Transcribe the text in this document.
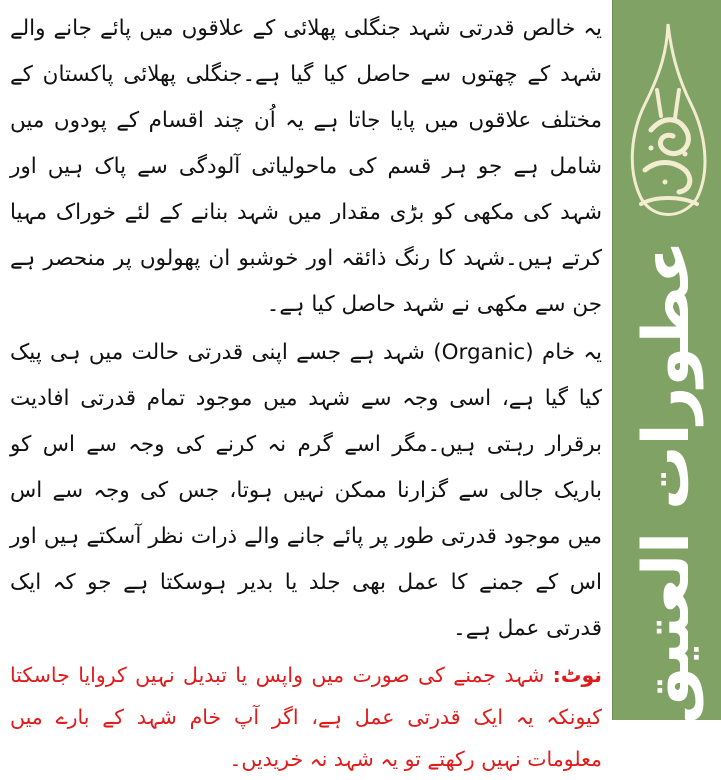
یہ خالص قدرتی شہد جنگلی پھلائی کے علاقوں میں پائے جانے والے شہد کے چھتوں سے حاصل کیا گیا ہے۔جنگلی پھلائی پاکستان کے مختلف علاقوں میں پایا جاتا ہے یہ اُن چند اقسام کے پودوں میں شامل ہے جو ہر قسم کی ماحولیاتی آلودگی سے پاک ہیں اور شہد کی مکھی کو بڑی مقدار میں شہد بنانے کے لئے خوراک مہیا کرتے ہیں۔شہد کا رنگ ذائقہ اور خوشبو ان پھولوں پر منحصر ہے جن سے مکھی نے شہد حاصل کیا ہے۔

یہ خام (Organic) شہد ہے جسے اپنی قدرتی حالت میں ہی پیک کیا گیا ہے، اسی وجہ سے شہد میں موجود تمام قدرتی افادیت برقرار رہتی ہیں۔مگر اسے گرم نہ کرنے کی وجہ سے اس کو باریک جالی سے گزارنا ممکن نہیں ہوتا، جس کی وجہ سے اس میں موجود قدرتی طور پر پائے جانے والے ذرات نظر آسکتے ہیں اور اس کے جمنے کا عمل بھی جلد یا بدیر ہوسکتا ہے جو کہ ایک قدرتی عمل ہے۔

نوٹ: شہد جمنے کی صورت میں واپس یا تبدیل نہیں کروایا جاسکتا کیونکہ یہ ایک قدرتی عمل ہے، اگر آپ خام شہد کے بارے میں معلومات نہیں رکھتے تو یہ شہد نہ خریدیں۔

عطورات العتیق
